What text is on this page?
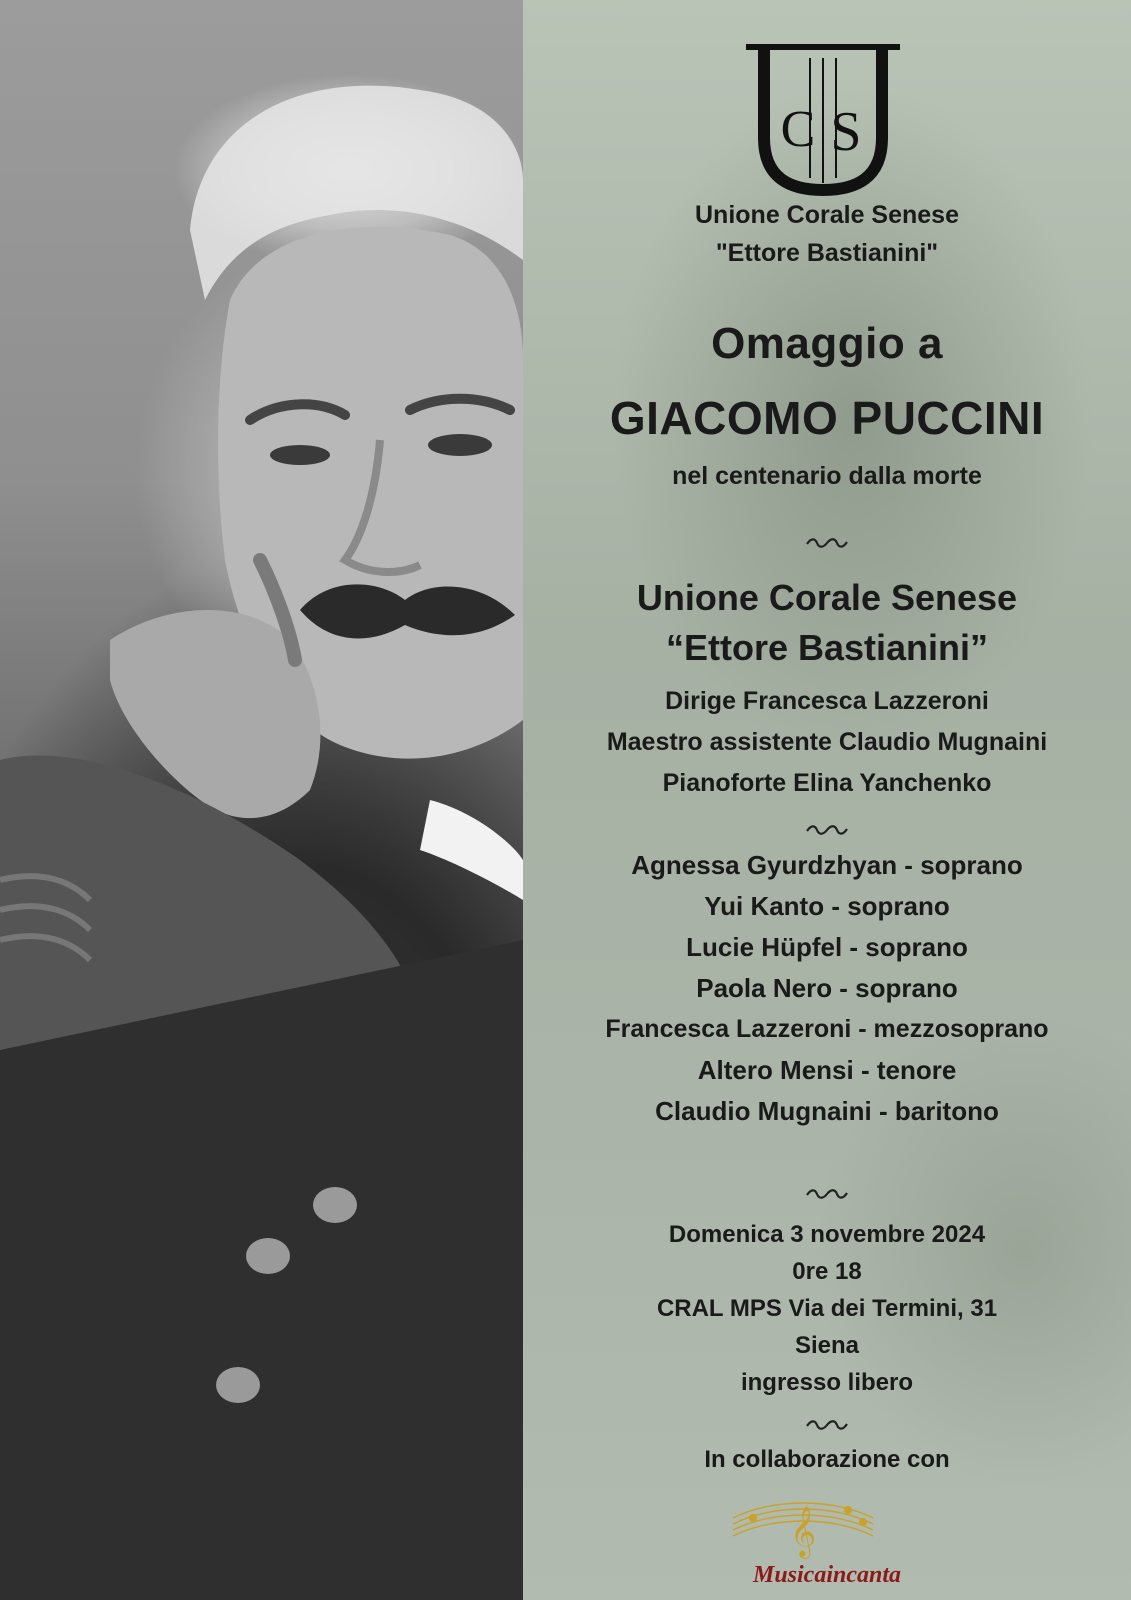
C S
Unione Corale Senese
"Ettore Bastianini"
Omaggio a
GIACOMO PUCCINI
nel centenario dalla morte
Unione Corale Senese
“Ettore Bastianini”
Dirige Francesca Lazzeroni
Maestro assistente Claudio Mugnaini
Pianoforte Elina Yanchenko
Agnessa Gyurdzhyan - soprano
Yui Kanto - soprano
Lucie Hüpfel - soprano
Paola Nero - soprano
Francesca Lazzeroni - mezzosoprano
Altero Mensi - tenore
Claudio Mugnaini - baritono
Domenica 3 novembre 2024
0re 18
CRAL MPS Via dei Termini, 31
Siena
ingresso libero
In collaborazione con
𝄞
Musicaincanta
